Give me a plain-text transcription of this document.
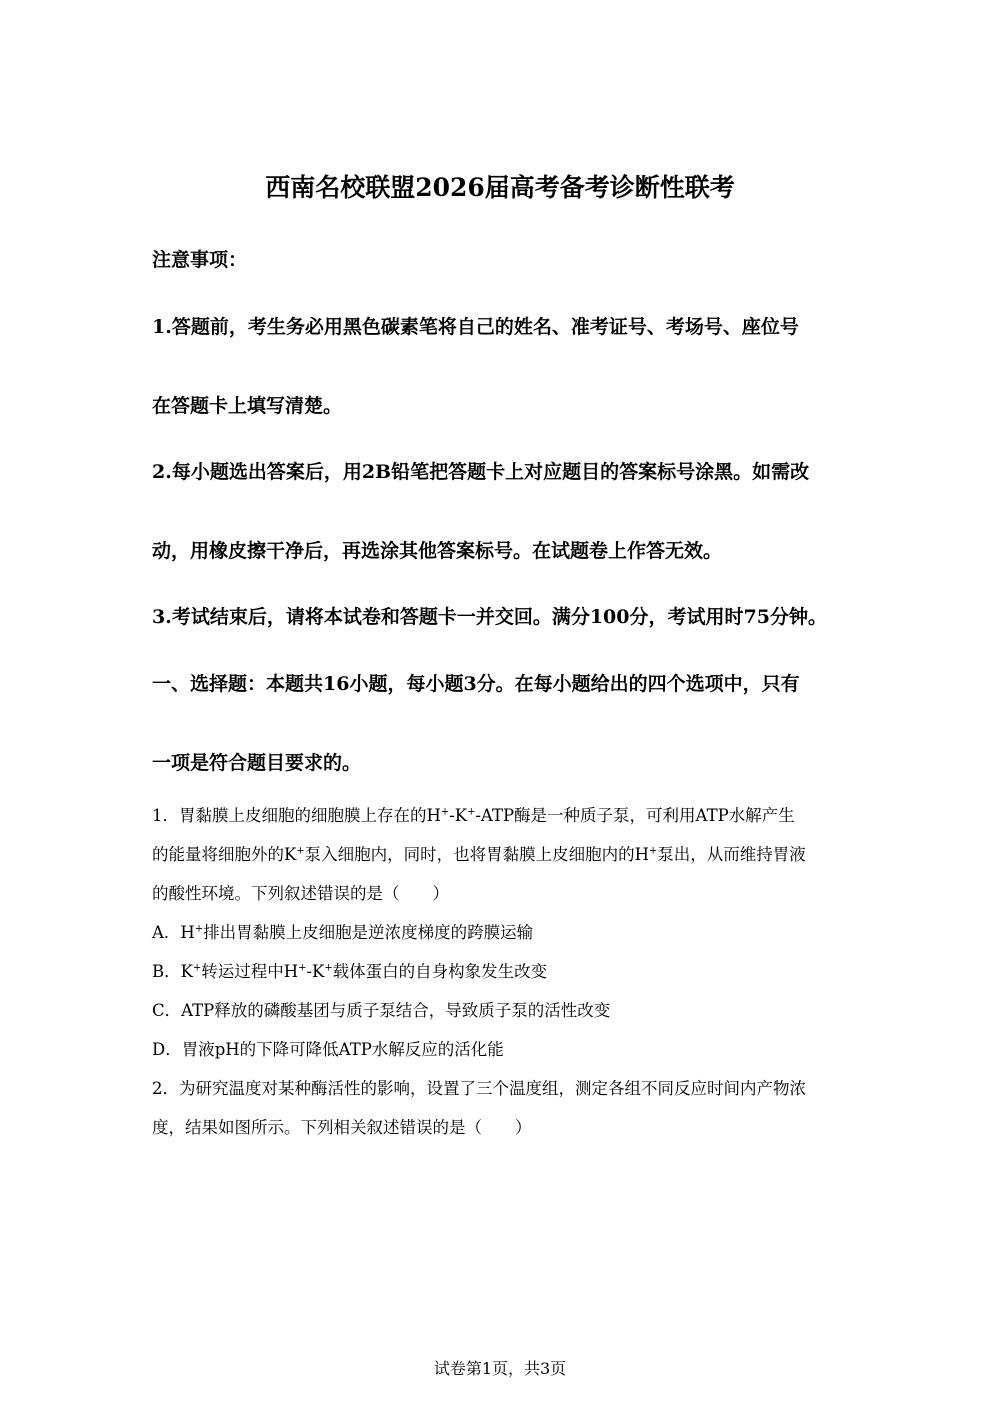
西南名校联盟2026届高考备考诊断性联考
注意事项：
1.答题前，考生务必用黑色碳素笔将自己的姓名、准考证号、考场号、座位号
在答题卡上填写清楚。
2.每小题选出答案后，用2B铅笔把答题卡上对应题目的答案标号涂黑。如需改
动，用橡皮擦干净后，再选涂其他答案标号。在试题卷上作答无效。
3.考试结束后，请将本试卷和答题卡一并交回。满分100分，考试用时75分钟。
一、选择题：本题共16小题，每小题3分。在每小题给出的四个选项中，只有
一项是符合题目要求的。
1．胃黏膜上皮细胞的细胞膜上存在的H+-K+-ATP酶是一种质子泵，可利用ATP水解产生
的能量将细胞外的K+泵入细胞内，同时，也将胃黏膜上皮细胞内的H+泵出，从而维持胃液
的酸性环境。下列叙述错误的是（　　）
A．H+排出胃黏膜上皮细胞是逆浓度梯度的跨膜运输
B．K+转运过程中H+-K+载体蛋白的自身构象发生改变
C．ATP释放的磷酸基团与质子泵结合，导致质子泵的活性改变
D．胃液pH的下降可降低ATP水解反应的活化能
2．为研究温度对某种酶活性的影响，设置了三个温度组，测定各组不同反应时间内产物浓
度，结果如图所示。下列相关叙述错误的是（　　）
试卷第1页，共3页
